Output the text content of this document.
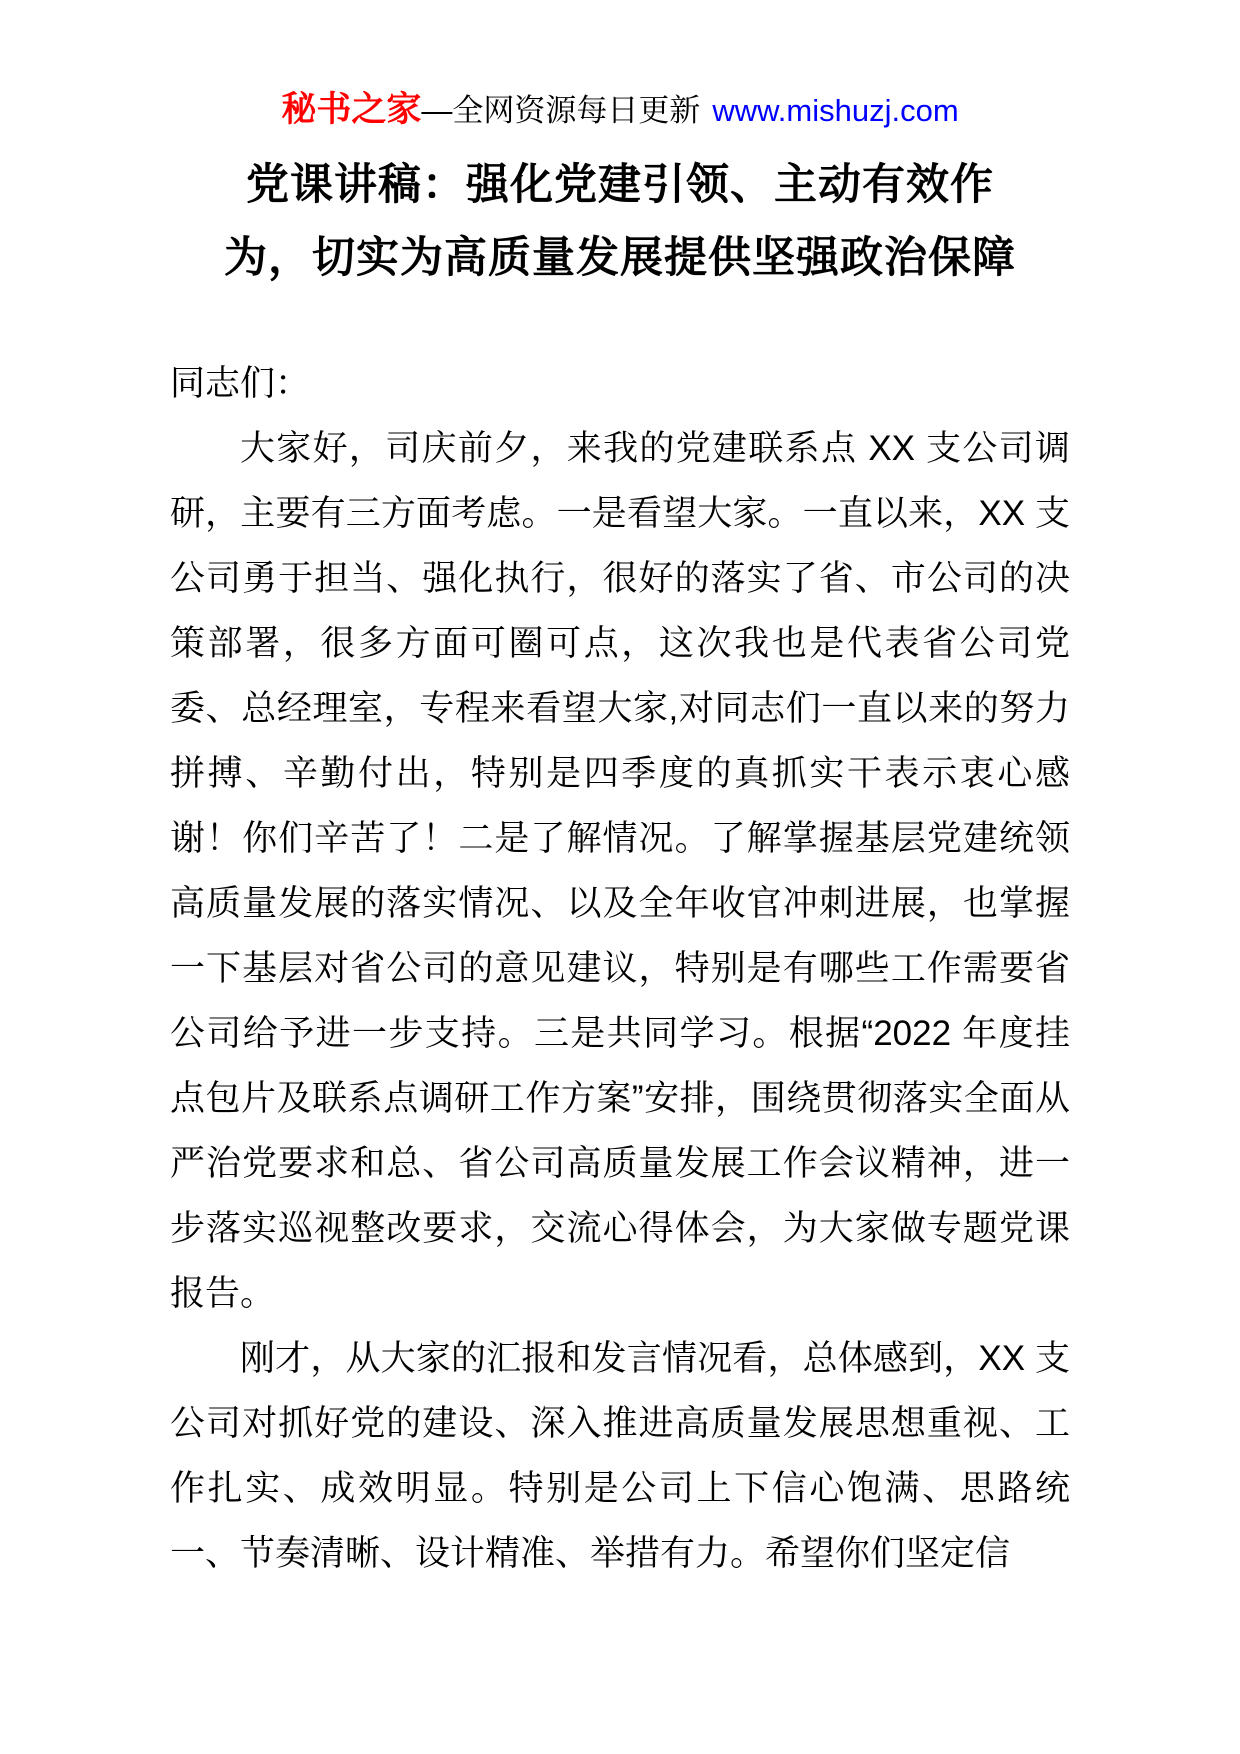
秘书之家—全网资源每日更新 www.mishuzj.com
党课讲稿：强化党建引领、主动有效作
为，切实为高质量发展提供坚强政治保障

同志们：

大家好，司庆前夕，来我的党建联系点 XX 支公司调研，主要有三方面考虑。一是看望大家。一直以来，XX 支公司勇于担当、强化执行，很好的落实了省、市公司的决策部署，很多方面可圈可点，这次我也是代表省公司党委、总经理室，专程来看望大家,对同志们一直以来的努力拼搏、辛勤付出，特别是四季度的真抓实干表示衷心感谢！你们辛苦了！二是了解情况。了解掌握基层党建统领高质量发展的落实情况、以及全年收官冲刺进展，也掌握一下基层对省公司的意见建议，特别是有哪些工作需要省公司给予进一步支持。三是共同学习。根据“2022 年度挂点包片及联系点调研工作方案”安排，围绕贯彻落实全面从严治党要求和总、省公司高质量发展工作会议精神，进一步落实巡视整改要求，交流心得体会，为大家做专题党课报告。

刚才，从大家的汇报和发言情况看，总体感到，XX 支公司对抓好党的建设、深入推进高质量发展思想重视、工作扎实、成效明显。特别是公司上下信心饱满、思路统一、节奏清晰、设计精准、举措有力。希望你们坚定信
